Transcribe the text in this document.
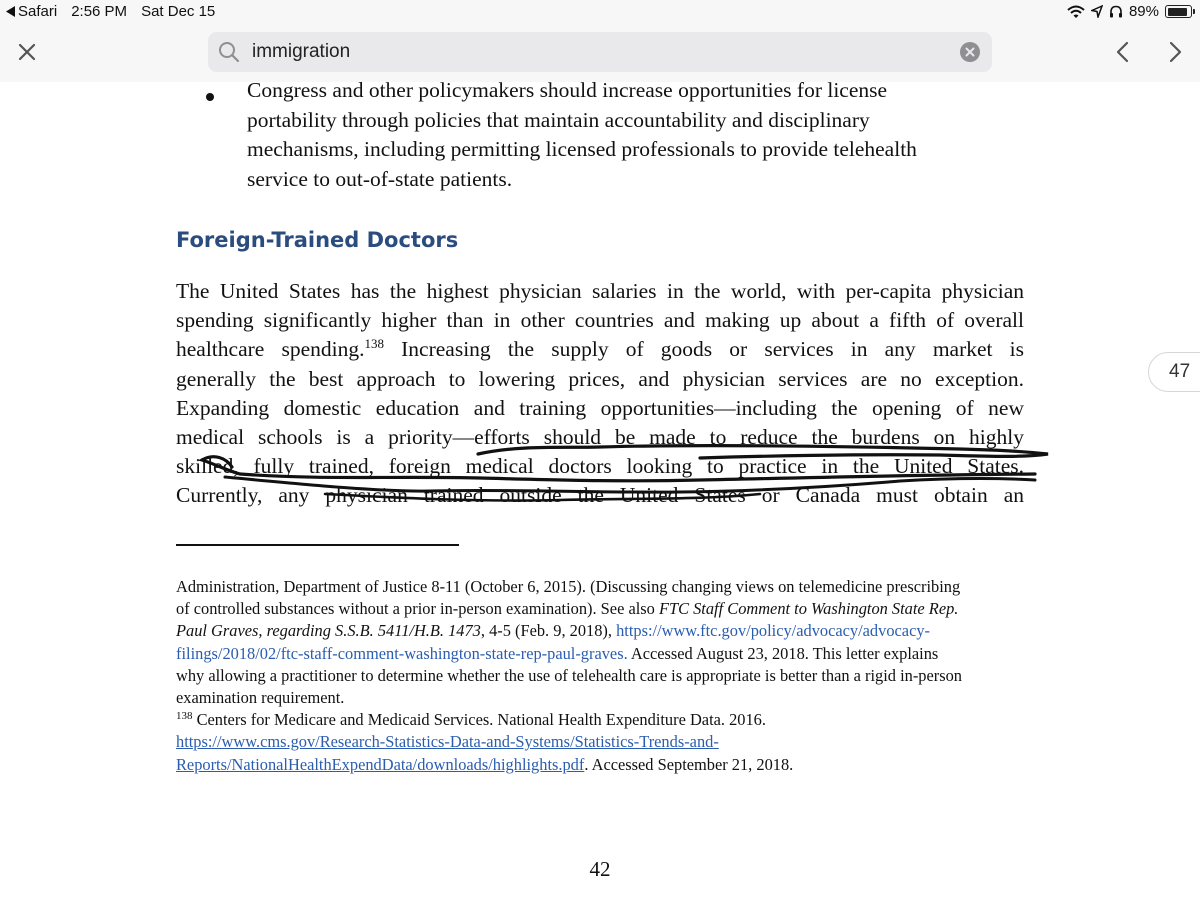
Safari 2:56 PM Sat Dec 15	89%
immigration
Congress and other policymakers should increase opportunities for license
portability through policies that maintain accountability and disciplinary
mechanisms, including permitting licensed professionals to provide telehealth
service to out-of-state patients.
Foreign-Trained Doctors
The United States has the highest physician salaries in the world, with per-capita physician
spending significantly higher than in other countries and making up about a fifth of overall
healthcare spending.$^{138}$ Increasing the supply of goods or services in any market is
generally the best approach to lowering prices, and physician services are no exception.
Expanding domestic education and training opportunities—including the opening of new
medical schools is a priority—efforts should be made to reduce the burdens on highly
skilled, fully trained, foreign medical doctors looking to practice in the United States.
Currently, any physician trained outside the United States or Canada must obtain an
Administration, Department of Justice 8-11 (October 6, 2015). (Discussing changing views on telemedicine prescribing
of controlled substances without a prior in-person examination). See also FTC Staff Comment to Washington State Rep.
Paul Graves, regarding S.S.B. 5411/H.B. 1473, 4-5 (Feb. 9, 2018), https://www.ftc.gov/policy/advocacy/advocacy-
filings/2018/02/ftc-staff-comment-washington-state-rep-paul-graves. Accessed August 23, 2018. This letter explains
why allowing a practitioner to determine whether the use of telehealth care is appropriate is better than a rigid in-person
examination requirement.
$^{138}$ Centers for Medicare and Medicaid Services. National Health Expenditure Data. 2016.
https://www.cms.gov/Research-Statistics-Data-and-Systems/Statistics-Trends-and-
Reports/NationalHealthExpendData/downloads/highlights.pdf. Accessed September 21, 2018.
42
47
